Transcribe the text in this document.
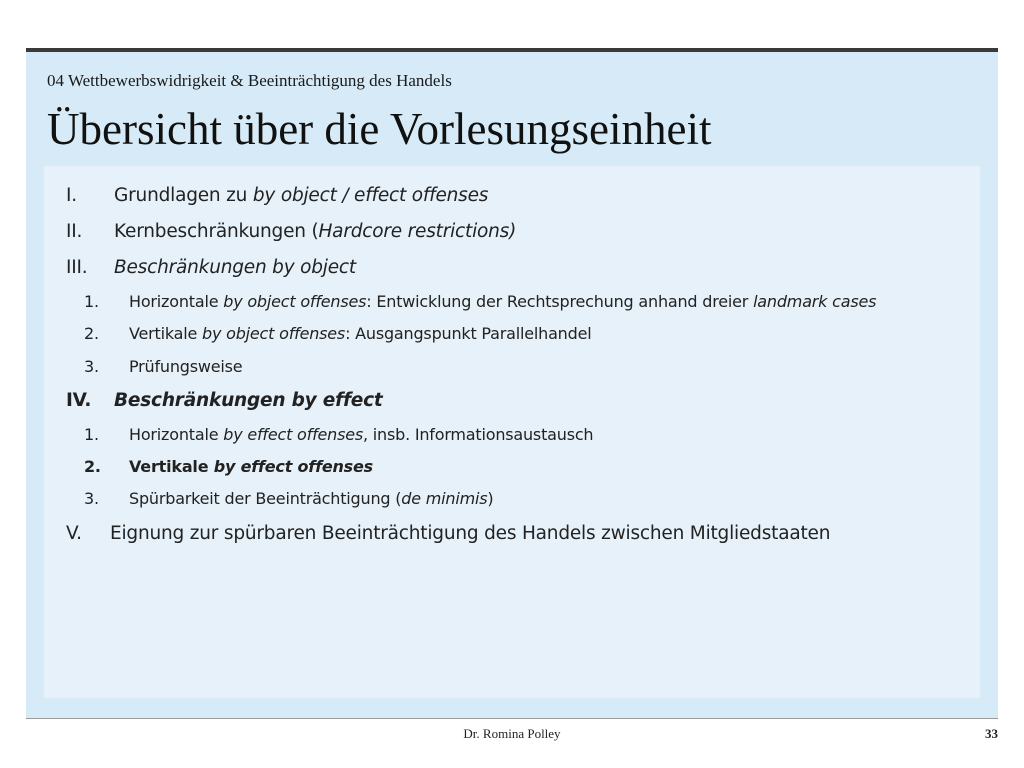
04 Wettbewerbswidrigkeit & Beeinträchtigung des Handels
Übersicht über die Vorlesungseinheit
I. Grundlagen zu by object / effect offenses
II. Kernbeschränkungen (Hardcore restrictions)
III. Beschränkungen by object
1. Horizontale by object offenses: Entwicklung der Rechtsprechung anhand dreier landmark cases
2. Vertikale by object offenses: Ausgangspunkt Parallelhandel
3. Prüfungsweise
IV. Beschränkungen by effect
1. Horizontale by effect offenses, insb. Informationsaustausch
2. Vertikale by effect offenses
3. Spürbarkeit der Beeinträchtigung (de minimis)
V. Eignung zur spürbaren Beeinträchtigung des Handels zwischen Mitgliedstaaten
Dr. Romina Polley	33
